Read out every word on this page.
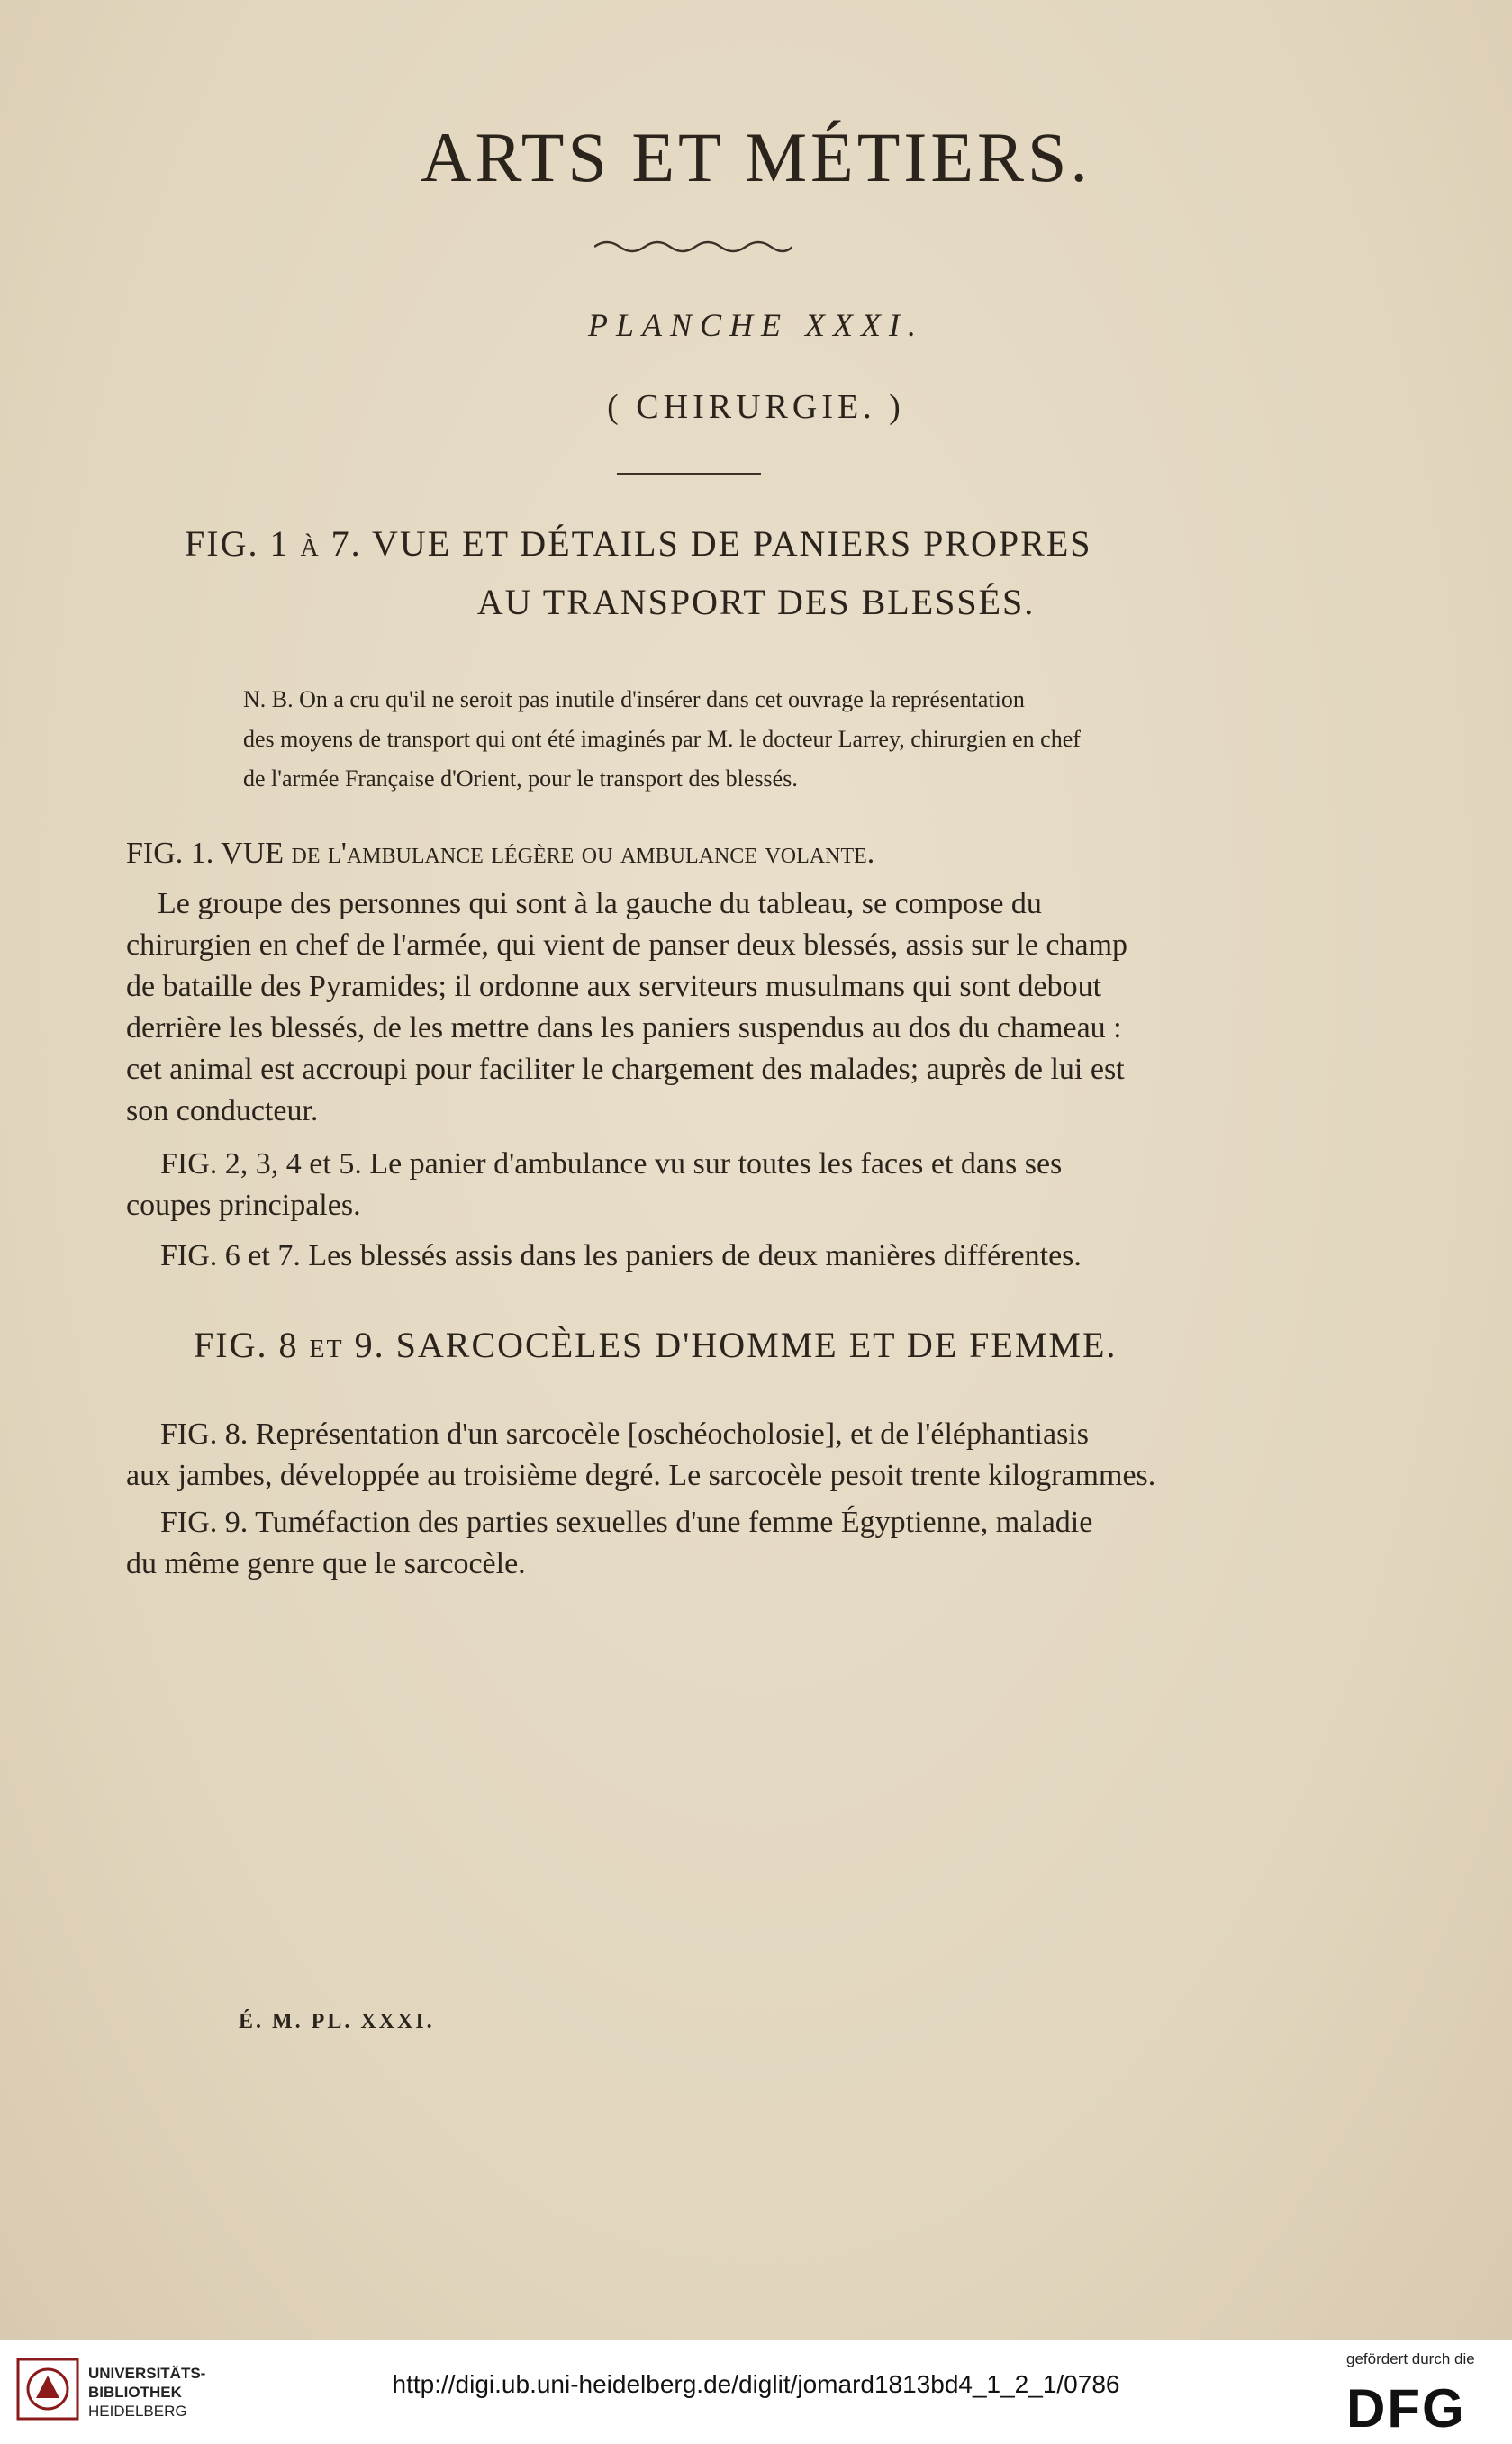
ARTS ET MÉTIERS.
PLANCHE XXXI.
( CHIRURGIE. )
FIG. 1 à 7. VUE ET DÉTAILS DE PANIERS PROPRES
AU TRANSPORT DES BLESSÉS.
N. B. On a cru qu'il ne seroit pas inutile d'insérer dans cet ouvrage la représentation
des moyens de transport qui ont été imaginés par M. le docteur Larrey, chirurgien en chef
de l'armée Française d'Orient, pour le transport des blessés.
FIG. 1. VUE de l'ambulance légère ou ambulance volante.
Le groupe des personnes qui sont à la gauche du tableau, se compose du
chirurgien en chef de l'armée, qui vient de panser deux blessés, assis sur le champ
de bataille des Pyramides; il ordonne aux serviteurs musulmans qui sont debout
derrière les blessés, de les mettre dans les paniers suspendus au dos du chameau :
cet animal est accroupi pour faciliter le chargement des malades; auprès de lui est
son conducteur.
FIG. 2, 3, 4 et 5. Le panier d'ambulance vu sur toutes les faces et dans ses
coupes principales.
FIG. 6 et 7. Les blessés assis dans les paniers de deux manières différentes.
FIG. 8 et 9. SARCOCÈLES D'HOMME ET DE FEMME.
FIG. 8. Représentation d'un sarcocèle [oschéocholosie], et de l'éléphantiasis
aux jambes, développée au troisième degré. Le sarcocèle pesoit trente kilogrammes.
FIG. 9. Tuméfaction des parties sexuelles d'une femme Égyptienne, maladie
du même genre que le sarcocèle.
É. M. PL. XXXI.
UNIVERSITÄTS-
BIBLIOTHEK
HEIDELBERG
http://digi.ub.uni-heidelberg.de/diglit/jomard1813bd4_1_2_1/0786
gefördert durch die
DFG
